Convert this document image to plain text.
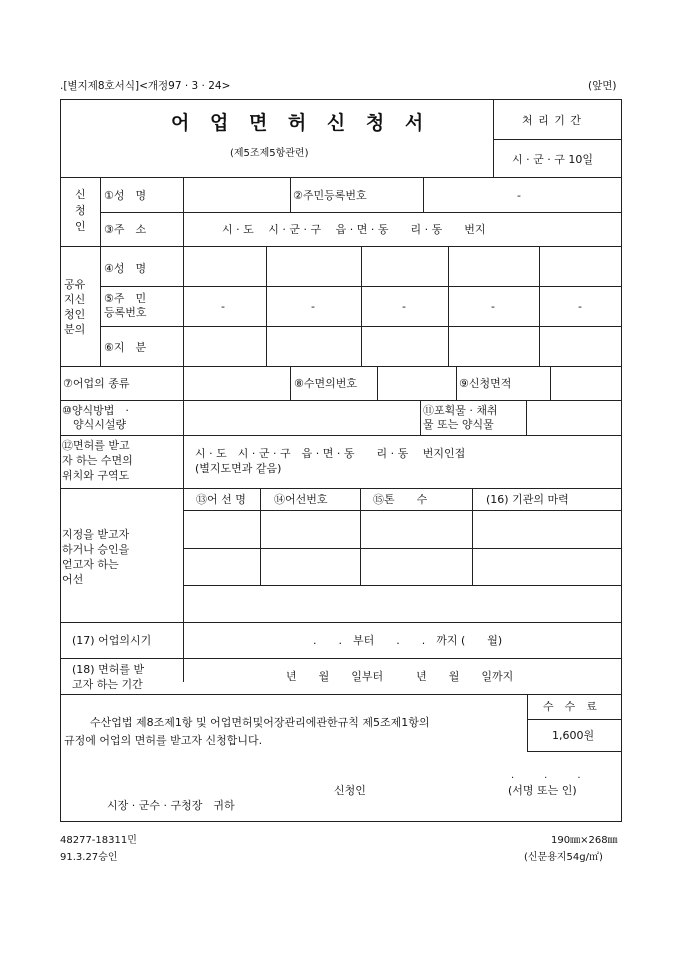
.[별지제8호서식]<개정97 · 3 · 24>	(앞면)
어 업 면 허 신 청 서
(제5조제5항관련)
처 리 기 간
시 · 군 · 구 10일
신
청
인
①성　명	②주민등록번호	-
③주　소	시 · 도　 시 · 군 · 구　 읍 · 면 · 동　　리 · 동　　번지
공유
지신
청인
분의
④성　명
⑤주　민
등록번호	-	-	-	-	-
⑥지　분
⑦어업의 종류	⑧수면의번호	⑨신청면적
⑩양식방법　·
　양식시설량
⑪포획물 · 채취
물 또는 양식물
⑫면허를 받고
자 하는 수면의
위치와 구역도
시 · 도　시 · 군 · 구　읍 · 면 · 동　　리 · 동　 번지인접
(별지도면과 같음)
지정을 받고자
하거나 승인을
얻고자 하는
어선
⑬어 선 명	⑭어선번호	⑮톤　　수	(16) 기관의 마력
(17) 어업의시기	.　　.　부터　　.　　.　까지 (　　월)
(18) 면허를 받
고자 하는 기간
년　　월　　일부터　　　년　　월　　일까지
수산업법 제8조제1항 및 어업면허및어장관리에관한규칙 제5조제1항의
규정에 어업의 면허를 받고자 신청합니다.
수　수　료
1,600원
.　　　.　　　.
신청인	(서명 또는 인)
시장 · 군수 · 구청장　귀하
48277-18311민
91.3.27승인
190㎜×268㎜
(신문용지54g/㎡)
